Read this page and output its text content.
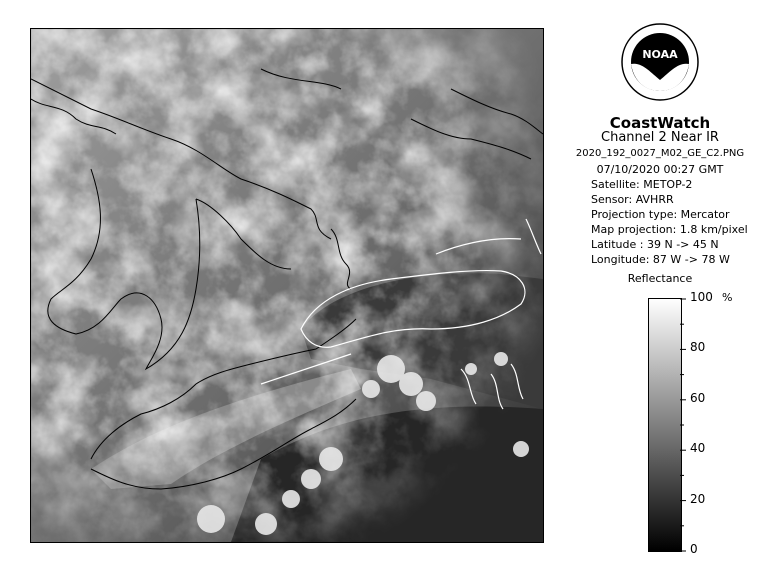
NOAA
CoastWatch
Channel 2 Near IR
2020_192_0027_M02_GE_C2.PNG
07/10/2020 00:27 GMT
Satellite: METOP-2
Sensor: AVHRR
Projection type: Mercator
Map projection: 1.8 km/pixel
Latitude : 39 N -> 45 N
Longitude: 87 W -> 78 W
Reflectance
%
100
80
60
40
20
0
